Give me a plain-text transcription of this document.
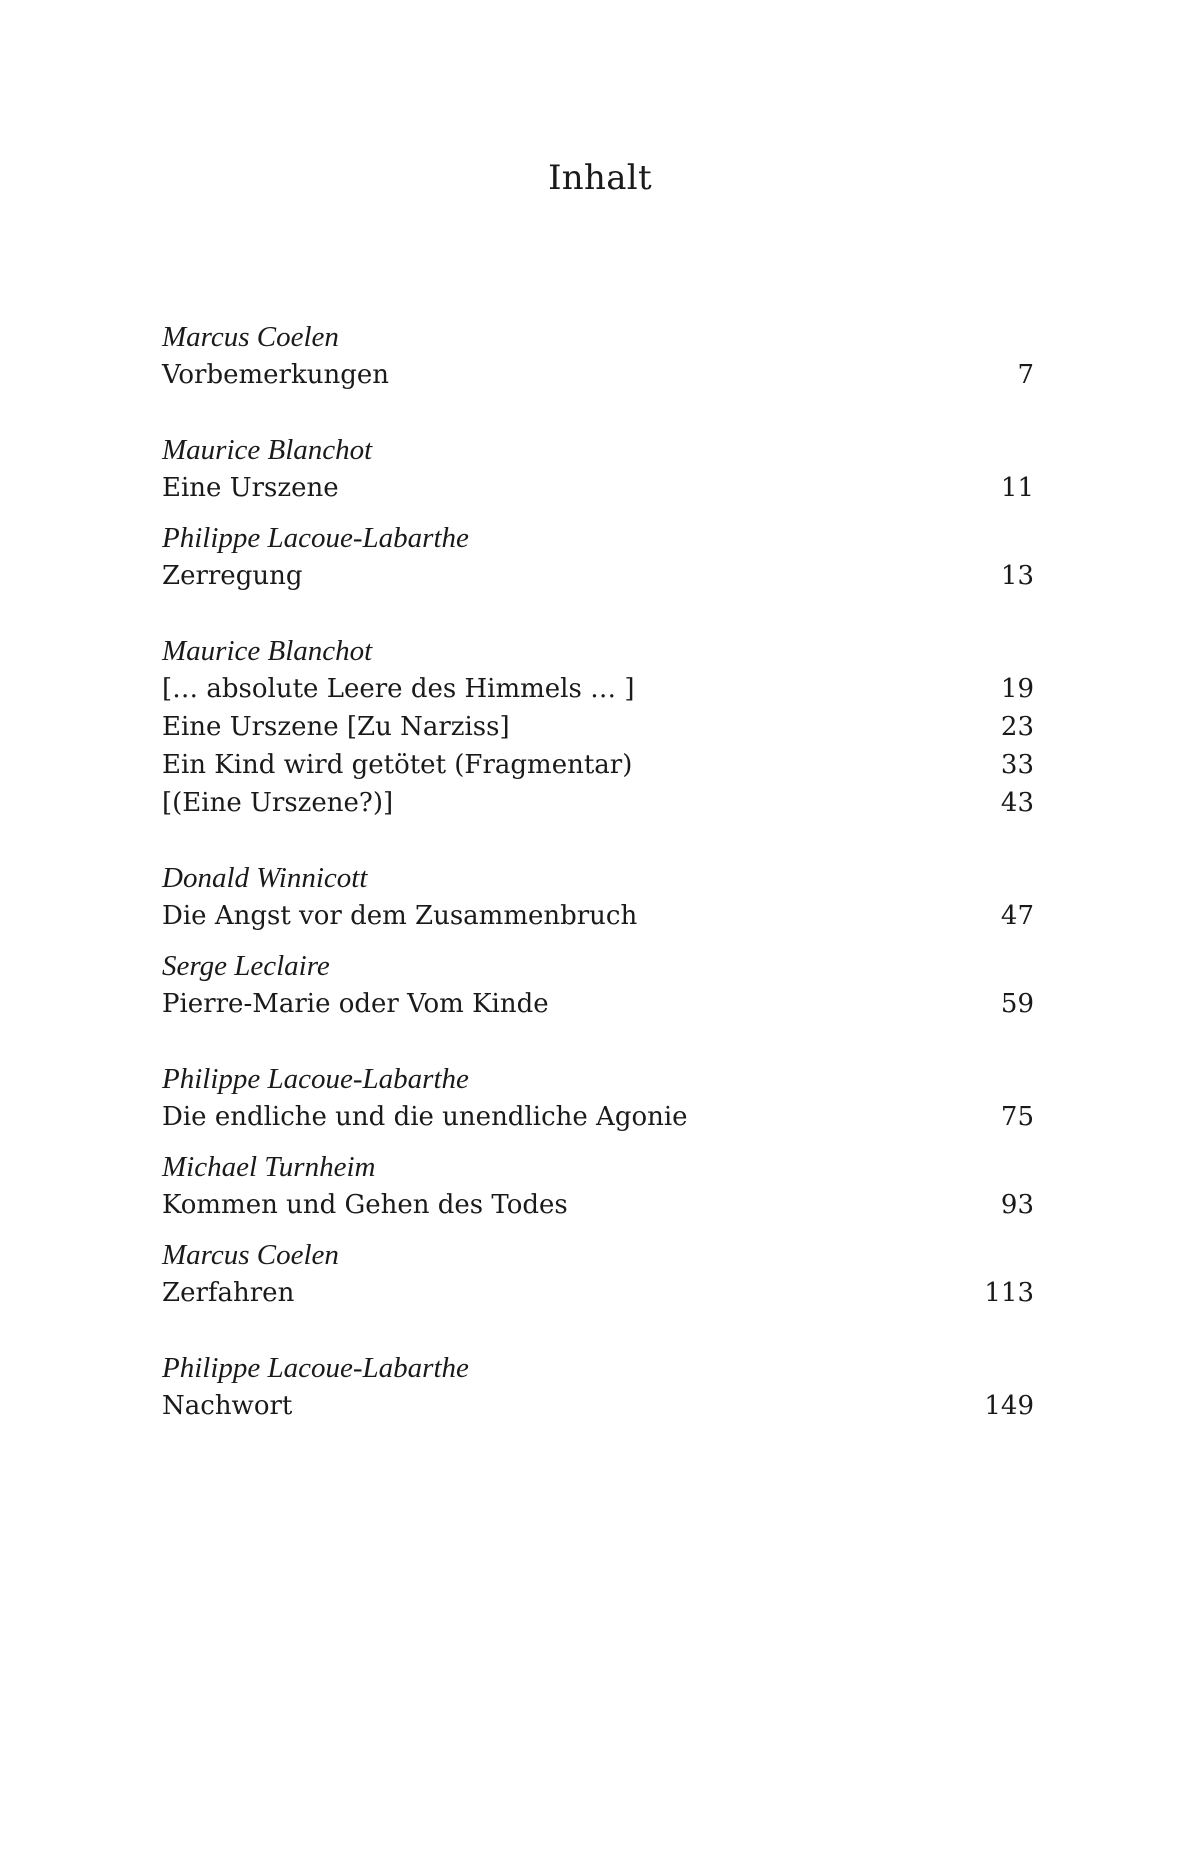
Inhalt
Marcus Coelen
Vorbemerkungen	7
Maurice Blanchot
Eine Urszene	11
Philippe Lacoue-Labarthe
Zerregung	13
Maurice Blanchot
[… absolute Leere des Himmels … ]	19
Eine Urszene [Zu Narziss]	23
Ein Kind wird getötet (Fragmentar)	33
[(Eine Urszene?)]	43
Donald Winnicott
Die Angst vor dem Zusammenbruch	47
Serge Leclaire
Pierre-Marie oder Vom Kinde	59
Philippe Lacoue-Labarthe
Die endliche und die unendliche Agonie	75
Michael Turnheim
Kommen und Gehen des Todes	93
Marcus Coelen
Zerfahren	113
Philippe Lacoue-Labarthe
Nachwort	149
